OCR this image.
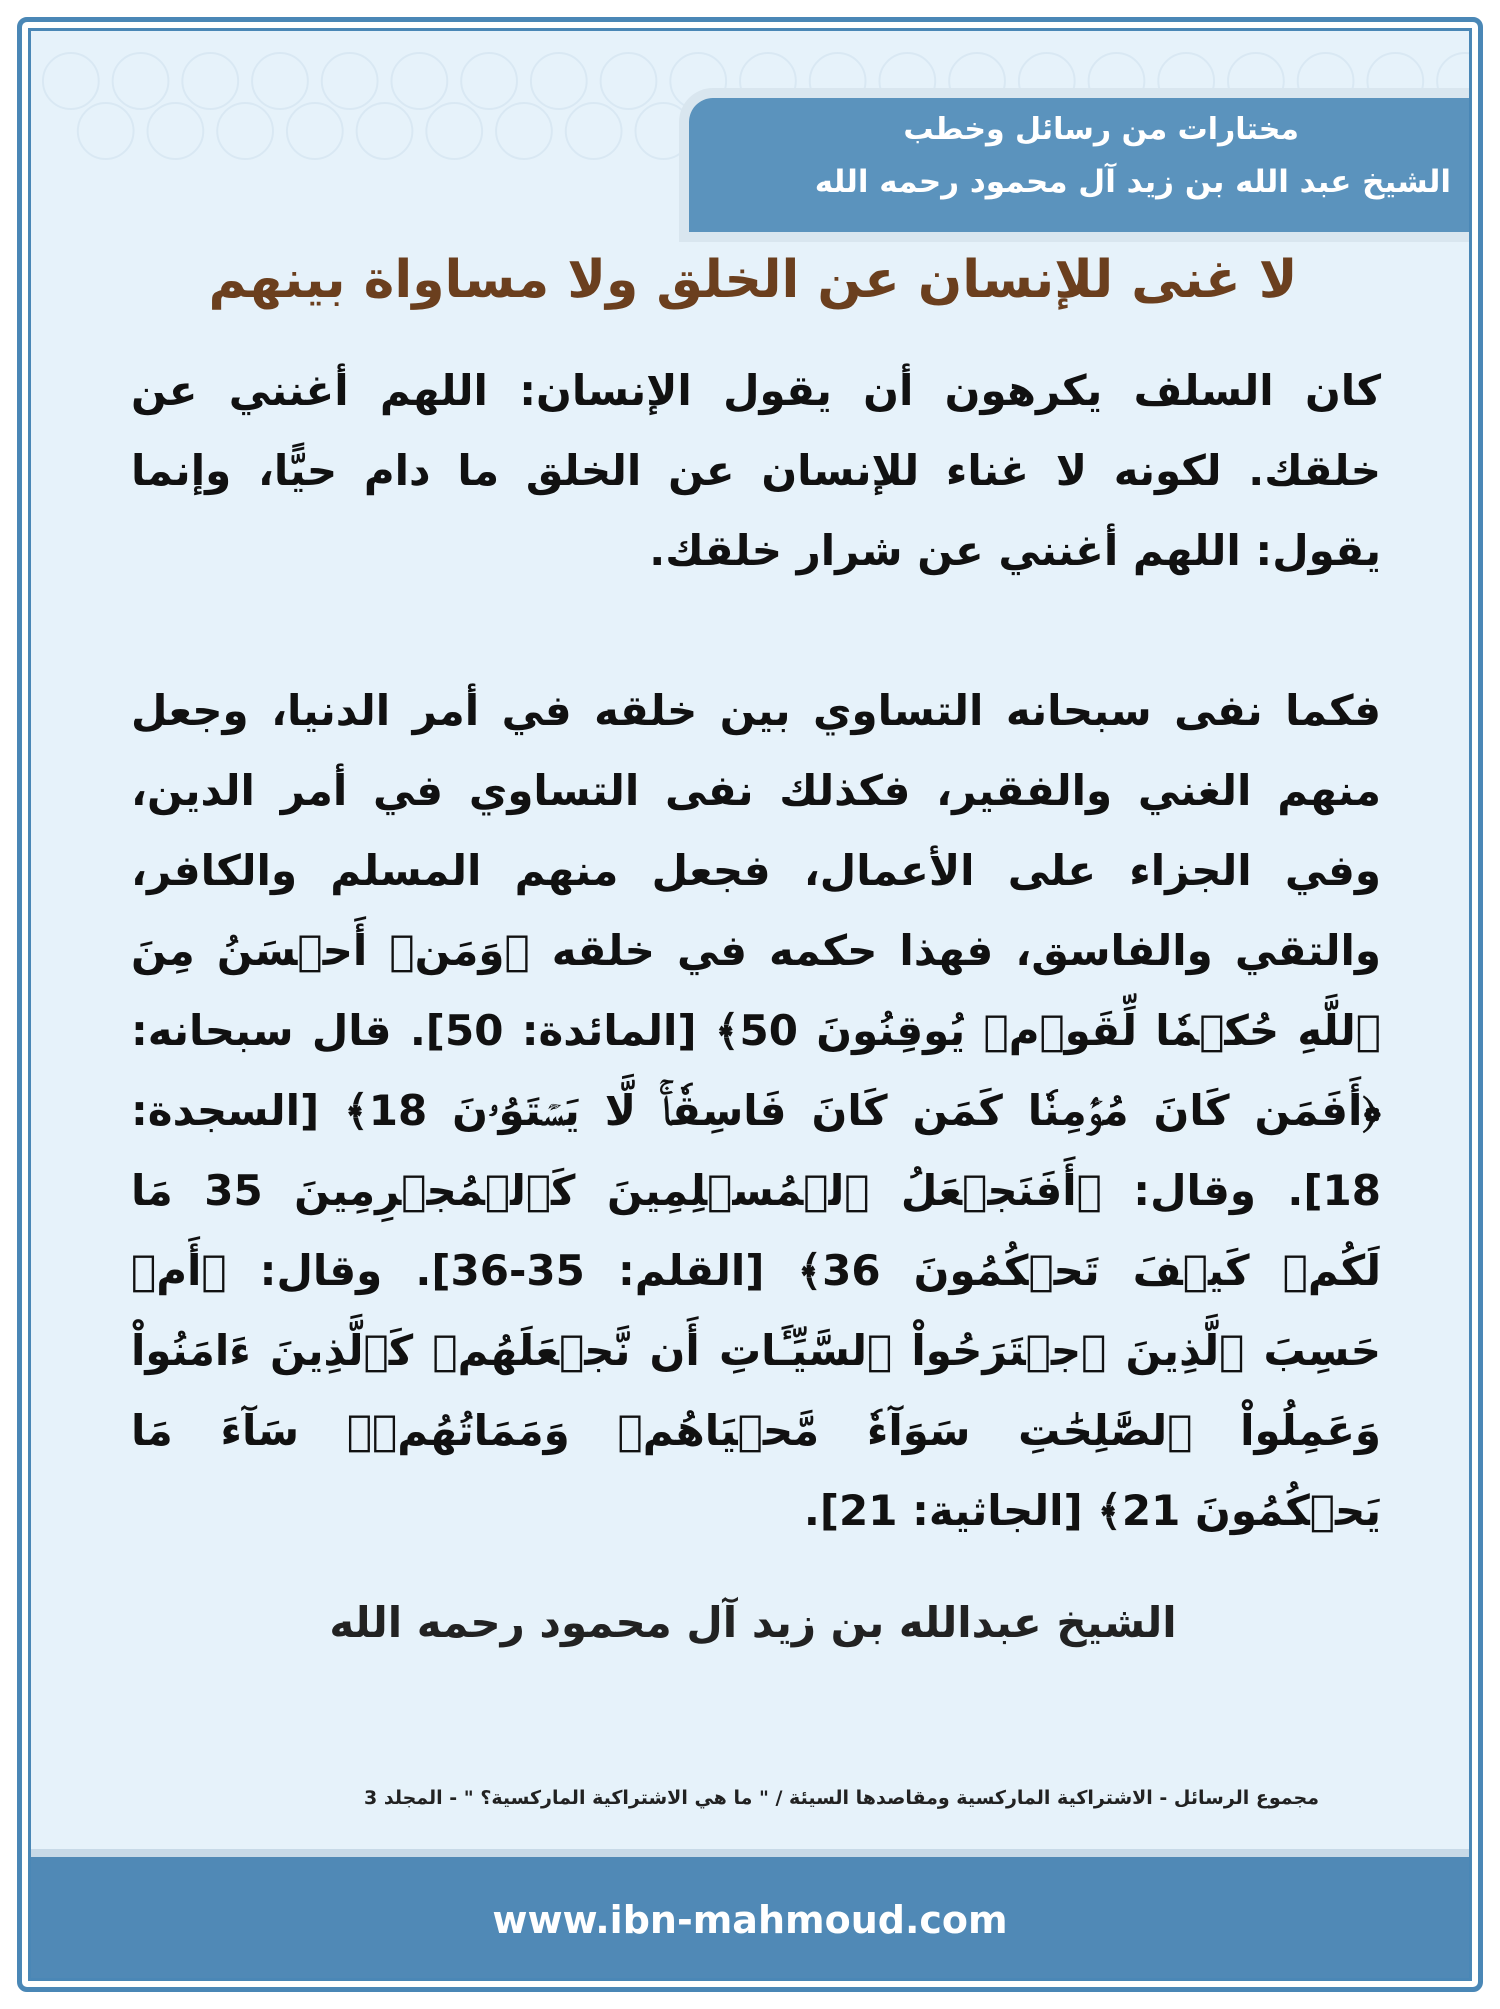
مختارات من رسائل وخطب
الشيخ عبد الله بن زيد آل محمود رحمه الله
لا غنى للإنسان عن الخلق ولا مساواة بينهم

كان السلف يكرهون أن يقول الإنسان: اللهم أغنني عن خلقك. لكونه لا غناء للإنسان عن الخلق ما دام حيًّا، وإنما يقول: اللهم أغنني عن شرار خلقك.

فكما نفى سبحانه التساوي بين خلقه في أمر الدنيا، وجعل منهم الغني والفقير، فكذلك نفى التساوي في أمر الدين، وفي الجزاء على الأعمال، فجعل منهم المسلم والكافر، والتقي والفاسق، فهذا حكمه في خلقه ﴿وَمَنۡ أَحۡسَنُ مِنَ ٱللَّهِ حُكۡمٗا لِّقَوۡمٖ يُوقِنُونَ 50﴾ [المائدة: 50]. قال سبحانه: ﴿أَفَمَن كَانَ مُؤۡمِنٗا كَمَن كَانَ فَاسِقٗاۚ لَّا يَسۡتَوُۥنَ 18﴾ [السجدة: 18]. وقال: ﴿أَفَنَجۡعَلُ ٱلۡمُسۡلِمِينَ كَٱلۡمُجۡرِمِينَ 35 مَا لَكُمۡ كَيۡفَ تَحۡكُمُونَ 36﴾ [القلم: 35-36]. وقال: ﴿أَمۡ حَسِبَ ٱلَّذِينَ ٱجۡتَرَحُواْ ٱلسَّيِّـَٔاتِ أَن نَّجۡعَلَهُمۡ كَٱلَّذِينَ ءَامَنُواْ وَعَمِلُواْ ٱلصَّٰلِحَٰتِ سَوَآءٗ مَّحۡيَاهُمۡ وَمَمَاتُهُمۡۚ سَآءَ مَا يَحۡكُمُونَ 21﴾ [الجاثية: 21].

الشيخ عبدالله بن زيد آل محمود رحمه الله
مجموع الرسائل - الاشتراكية الماركسية ومقاصدها السيئة / " ما هي الاشتراكية الماركسية؟ " - المجلد 3
www.ibn-mahmoud.com
